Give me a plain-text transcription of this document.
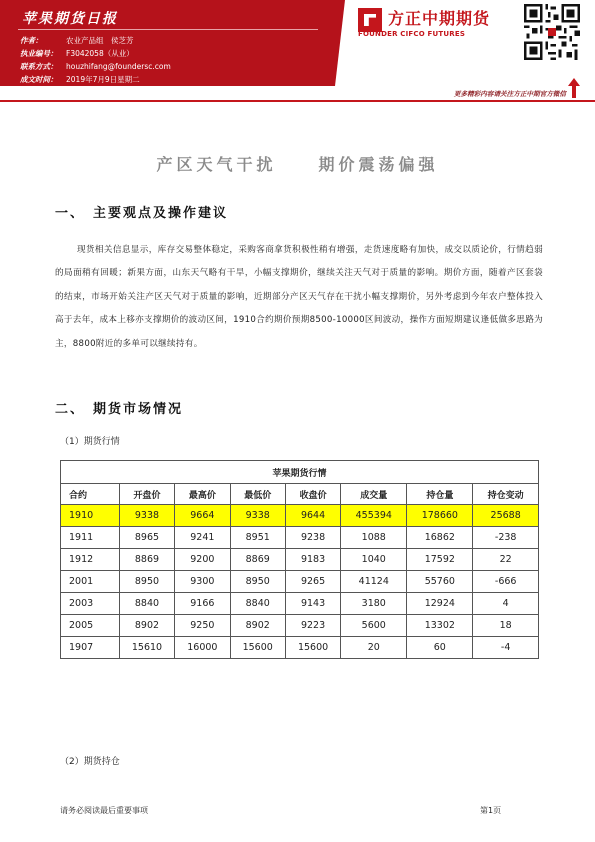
苹果期货日报
作者：	农业产品组　侯芝芳
执业编号： F3042058（从业）
联系方式： houzhifang@foundersc.com
成文时间： 2019年7月9日星期二
方正中期期货
FOUNDER CIFCO FUTURES
更多精彩内容请关注方正中期官方微信
产区天气干扰	期价震荡偏强
一、 主要观点及操作建议
现货相关信息显示，库存交易整体稳定，采购客商拿货积极性稍有增强，走货速度略有加快，成交以质论价，行情趋弱的局面稍有回暖；新果方面，山东天气略有干旱，小幅支撑期价，继续关注天气对于质量的影响。期价方面，随着产区套袋的结束，市场开始关注产区天气对于质量的影响，近期部分产区天气存在干扰小幅支撑期价，另外考虑到今年农户整体投入高于去年，成本上移亦支撑期价的波动区间，1910合约期价预期8500-10000区间波动，操作方面短期建议逢低做多思路为主，8800附近的多单可以继续持有。
二、 期货市场情况
（1）期货行情
苹果期货行情							
合约	开盘价	最高价	最低价	收盘价	成交量	持仓量	持仓变动
1910	9338	9664	9338	9644	455394	178660	25688
1911	8965	9241	8951	9238	1088	16862	-238
1912	8869	9200	8869	9183	1040	17592	22
2001	8950	9300	8950	9265	41124	55760	-666
2003	8840	9166	8840	9143	3180	12924	4
2005	8902	9250	8902	9223	5600	13302	18
1907	15610	16000	15600	15600	20	60	-4
（2）期货持仓
请务必阅读最后重要事项	第1页
